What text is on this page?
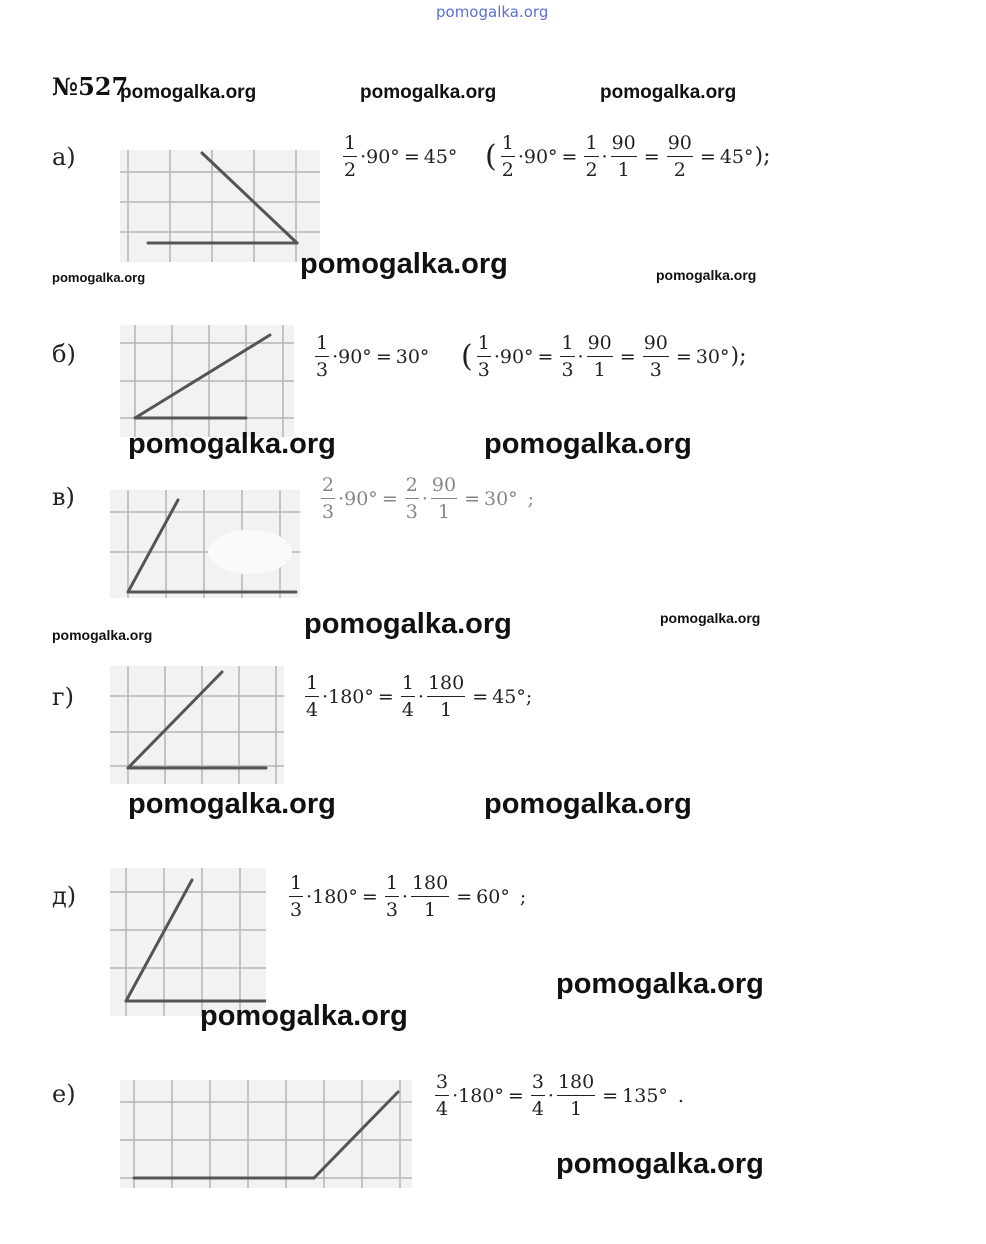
pomogalka.org
№527
pomogalka.org	pomogalka.org	pomogalka.org
а)	$\frac{1}{2} \cdot 90^\circ = 45^\circ$ ( $\frac{1}{2} \cdot 90^\circ = \frac{1}{2} \cdot \frac{90}{1} = \frac{90}{2} = 45^\circ$ );
pomogalka.org	pomogalka.org	pomogalka.org
б)	$\frac{1}{3} \cdot 90^\circ = 30^\circ$ ( $\frac{1}{3} \cdot 90^\circ = \frac{1}{3} \cdot \frac{90}{1} = \frac{90}{3} = 30^\circ$ );
pomogalka.org	pomogalka.org
в)	$\frac{2}{3} \cdot 90^\circ = \frac{2}{3} \cdot \frac{90}{1} = 30^\circ$ ;
pomogalka.org	pomogalka.org	pomogalka.org
г)	$\frac{1}{4} \cdot 180^\circ = \frac{1}{4} \cdot \frac{180}{1} = 45^\circ$ ;
pomogalka.org	pomogalka.org
д)	$\frac{1}{3} \cdot 180^\circ = \frac{1}{3} \cdot \frac{180}{1} = 60^\circ$ ;
pomogalka.org
pomogalka.org
е)	$\frac{3}{4} \cdot 180^\circ = \frac{3}{4} \cdot \frac{180}{1} = 135^\circ$ .
pomogalka.org
pomogalka.org
